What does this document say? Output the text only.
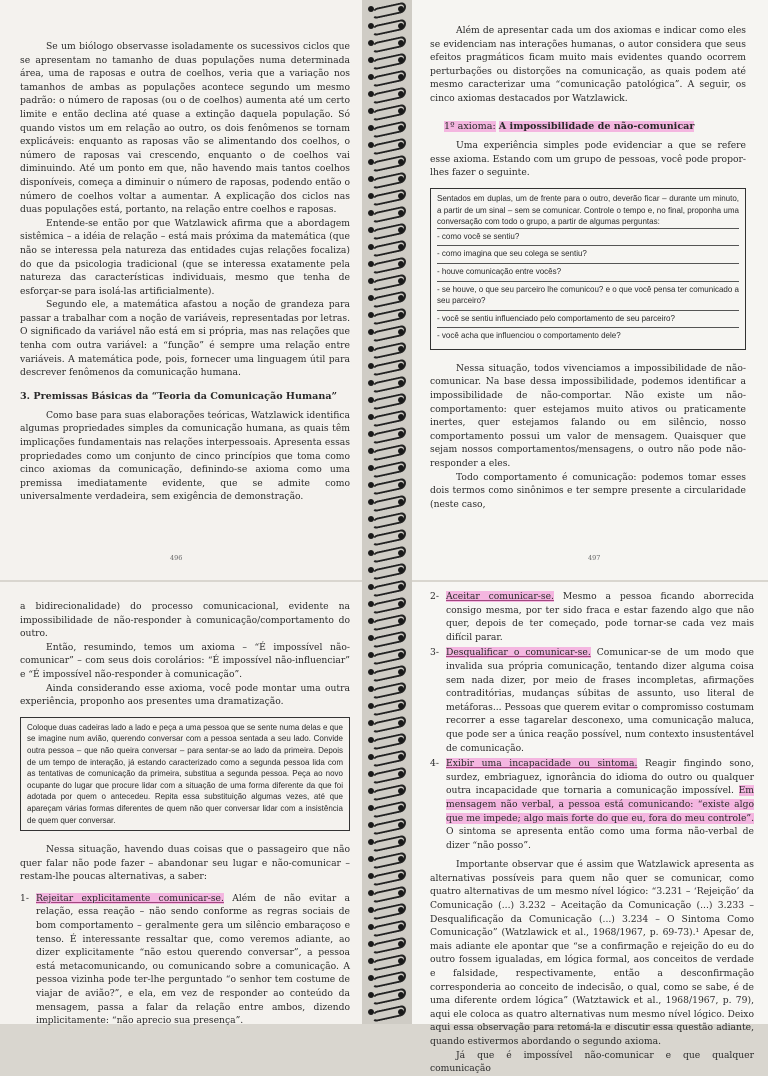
Se um biólogo observasse isoladamente os sucessivos ciclos que se apresentam no tamanho de duas populações numa determinada área, uma de raposas e outra de coelhos, veria que a variação nos tamanhos de ambas as populações acontece segundo um mesmo padrão: o número de raposas (ou o de coelhos) aumenta até um certo limite e então declina até quase a extinção daquela população. Só quando vistos um em relação ao outro, os dois fenômenos se tornam explicáveis: enquanto as raposas vão se alimentando dos coelhos, o número de raposas vai crescendo, enquanto o de coelhos vai diminuindo. Até um ponto em que, não havendo mais tantos coelhos disponíveis, começa a diminuir o número de raposas, podendo então o número de coelhos voltar a aumentar. A explicação dos ciclos nas duas populações está, portanto, na relação entre coelhos e raposas.

Entende-se então por que Watzlawick afirma que a abordagem sistêmica – a idéia de relação – está mais próxima da matemática (que não se interessa pela natureza das entidades cujas relações focaliza) do que da psicologia tradicional (que se interessa exatamente pela natureza das características individuais, mesmo que tenha de esforçar-se para isolá-las artificialmente).

Segundo ele, a matemática afastou a noção de grandeza para passar a trabalhar com a noção de variáveis, representadas por letras. O significado da variável não está em si própria, mas nas relações que tenha com outra variável: a “função” é sempre uma relação entre variáveis. A matemática pode, pois, fornecer uma linguagem útil para descrever fenômenos da comunicação humana.

3. Premissas Básicas da “Teoria da Comunicação Humana”

Como base para suas elaborações teóricas, Watzlawick identifica algumas propriedades simples da comunicação humana, as quais têm implicações fundamentais nas relações interpessoais. Apresenta essas propriedades como um conjunto de cinco princípios que toma como cinco axiomas da comunicação, definindo-se axioma como uma premissa imediatamente evidente, que se admite como universalmente verdadeira, sem exigência de demonstração.

496

Além de apresentar cada um dos axiomas e indicar como eles se evidenciam nas interações humanas, o autor considera que seus efeitos pragmáticos ficam muito mais evidentes quando ocorrem perturbações ou distorções na comunicação, as quais podem até mesmo caracterizar uma “comunicação patológica”. A seguir, os cinco axiomas destacados por Watzlawick.

1º axioma: A impossibilidade de não-comunicar

Uma experiência simples pode evidenciar a que se refere esse axioma. Estando com um grupo de pessoas, você pode propor-lhes fazer o seguinte.

Sentados em duplas, um de frente para o outro, deverão ficar – durante um minuto, a partir de um sinal – sem se comunicar. Controle o tempo e, no final, proponha uma conversação com todo o grupo, a partir de algumas perguntas:
- como você se sentiu?
- como imagina que seu colega se sentiu?
- houve comunicação entre vocês?
- se houve, o que seu parceiro lhe comunicou? e o que você pensa ter comunicado a seu parceiro?
- você se sentiu influenciado pelo comportamento de seu parceiro?
- você acha que influenciou o comportamento dele?

Nessa situação, todos vivenciamos a impossibilidade de não-comunicar. Na base dessa impossibilidade, podemos identificar a impossibilidade de não-comportar. Não existe um não-comportamento: quer estejamos muito ativos ou praticamente inertes, quer estejamos falando ou em silêncio, nosso comportamento possui um valor de mensagem. Quaisquer que sejam nossos comportamentos/mensagens, o outro não pode não-responder a eles.

Todo comportamento é comunicação: podemos tomar esses dois termos como sinônimos e ter sempre presente a circularidade (neste caso,

497

a bidirecionalidade) do processo comunicacional, evidente na impossibilidade de não-responder à comunicação/comportamento do outro.

Então, resumindo, temos um axioma – “É impossível não-comunicar” – com seus dois corolários: “É impossível não-influenciar” e “É impossível não-responder à comunicação”.

Ainda considerando esse axioma, você pode montar uma outra experiência, proponho aos presentes uma dramatização.

Coloque duas cadeiras lado a lado e peça a uma pessoa que se sente numa delas e que se imagine num avião, querendo conversar com a pessoa sentada a seu lado. Convide outra pessoa – que não queira conversar – para sentar-se ao lado da primeira. Depois de um tempo de interação, já estando caracterizado como a segunda pessoa lida com as tentativas de comunicação da primeira, substitua a segunda pessoa. Peça ao novo ocupante do lugar que procure lidar com a situação de uma forma diferente da que foi adotada por quem o antecedeu. Repita essa substituição algumas vezes, até que apareçam várias formas diferentes de quem não quer conversar lidar com a insistência de quem quer conversar.

Nessa situação, havendo duas coisas que o passageiro que não quer falar não pode fazer – abandonar seu lugar e não-comunicar – restam-lhe poucas alternativas, a saber:

1- Rejeitar explicitamente comunicar-se. Além de não evitar a relação, essa reação – não sendo conforme as regras sociais de bom comportamento – geralmente gera um silêncio embaraçoso e tenso. É interessante ressaltar que, como veremos adiante, ao dizer explicitamente “não estou querendo conversar”, a pessoa está metacomunicando, ou comunicando sobre a comunicação. A pessoa vizinha pode ter-lhe perguntado “o senhor tem costume de viajar de avião?”, e ela, em vez de responder ao conteúdo da mensagem, passa a falar da relação entre ambos, dizendo implicitamente: “não aprecio sua presença”.
2- Aceitar comunicar-se. Mesmo a pessoa ficando aborrecida consigo mesma, por ter sido fraca e estar fazendo algo que não quer, depois de ter começado, pode tornar-se cada vez mais difícil parar.
3- Desqualificar o comunicar-se. Comunicar-se de um modo que invalida sua própria comunicação, tentando dizer alguma coisa sem nada dizer, por meio de frases incompletas, afirmações contraditórias, mudanças súbitas de assunto, uso literal de metáforas... Pessoas que querem evitar o compromisso costumam recorrer a esse tagarelar desconexo, uma comunicação maluca, que pode ser a única reação possível, num contexto insustentável de comunicação.
4- Exibir uma incapacidade ou sintoma. Reagir fingindo sono, surdez, embriaguez, ignorância do idioma do outro ou qualquer outra incapacidade que tornaria a comunicação impossível. Em mensagem não verbal, a pessoa está comunicando: “existe algo que me impede; algo mais forte do que eu, fora do meu controle”. O sintoma se apresenta então como uma forma não-verbal de dizer “não posso”.

Importante observar que é assim que Watzlawick apresenta as alternativas possíveis para quem não quer se comunicar, como quatro alternativas de um mesmo nível lógico: “3.231 – ‘Rejeição’ da Comunicação (...) 3.232 – Aceitação da Comunicação (...) 3.233 – Desqualificação da Comunicação (...) 3.234 – O Sintoma Como Comunicação” (Watzlawick et al., 1968/1967, p. 69-73).¹ Apesar de, mais adiante ele apontar que “se a confirmação e rejeição do eu do outro fossem igualadas, em lógica formal, aos conceitos de verdade e falsidade, respectivamente, então a desconfirmação corresponderia ao conceito de indecisão, o qual, como se sabe, é de uma diferente ordem lógica” (Watztawick et al., 1968/1967, p. 79), aqui ele coloca as quatro alternativas num mesmo nível lógico. Deixo aqui essa observação para retomá-la e discutir essa questão adiante, quando estivermos abordando o segundo axioma.

Já que é impossível não-comunicar e que qualquer comunicação
